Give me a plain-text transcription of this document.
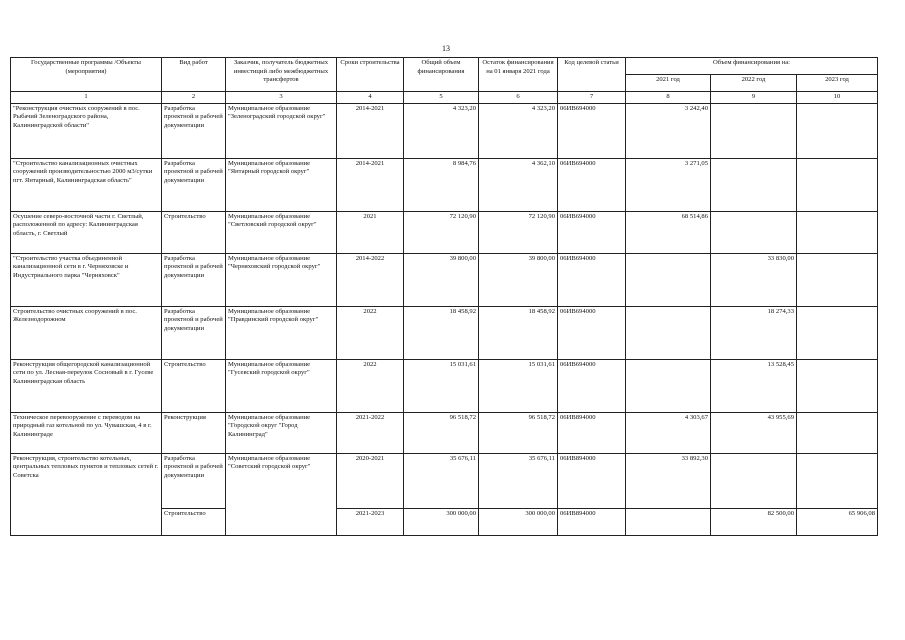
13
Государственные программы /Объекты (мероприятия)	Вид работ	Заказчик, получатель бюджетных инвестиций либо межбюджетных трансфертов	Сроки строительства	Общий объем финансирования	Остаток финансирования на 01 января 2021 года	Код целевой статьи	Объем финансирования на:		
							2021 год	2022 год	2023 год
1	2	3	4	5	6	7	8	9	10
"Реконструкция очистных сооружений в пос. Рыбачий Зеленоградского района, Калининградской области"	Разработка проектной и рабочей документации	Муниципальное образование "Зеленоградский городской округ"	2014-2021	4 323,20	4 323,20	06ИВ694000	3 242,40		
"Строительство канализационных очистных сооружений производительностью 2000 м3/сутки пгт. Янтарный, Калининградская область"	Разработка проектной и рабочей документации	Муниципальное образование "Янтарный городской округ"	2014-2021	8 984,76	4 362,10	06ИВ694000	3 271,05		
Осушение северо-восточной части г. Светлый, расположенной по адресу: Калининградская область, г. Светлый	Строительство	Муниципальное образование "Светловский городской округ"	2021	72 120,90	72 120,90	06ИВ694000	68 514,86		
"Строительство участка объединенной канализационной сети в г. Черняховске и Индустриального парка "Черняховск"	Разработка проектной и рабочей документации	Муниципальное образование "Черняховский городской округ"	2014-2022	39 800,00	39 800,00	06ИВ694000		33 830,00	
Строительство очистных сооружений в пос. Железнодорожном	Разработка проектной и рабочей документации	Муниципальное образование "Правдинский городской округ"	2022	18 458,92	18 458,92	06ИВ694000		18 274,33	
Реконструкция общегородской канализационной сети по ул. Лесная-переулок Сосновый в г. Гусеве Калининградская область	Строительство	Муниципальное образование "Гусевский городской округ"	2022	15 031,61	15 031,61	06ИВ694000		13 528,45	
Техническое перевооружение с переводом на природный газ котельной по ул. Чувашская, 4 в г. Калининграде	Реконструкция	Муниципальное образование "Городской округ "Город Калининград"	2021-2022	96 518,72	96 518,72	06ИВ894000	4 303,67	43 955,69	
Реконструкция, строительство котельных, центральных тепловых пунктов и тепловых сетей г. Советска	Разработка проектной и рабочей документации	Муниципальное образование "Советский городской округ"	2020-2021	35 676,11	35 676,11	06ИВ894000	33 892,30		
	Строительство		2021-2023	300 000,00	300 000,00	06ИВ894000		82 500,00	65 906,08
